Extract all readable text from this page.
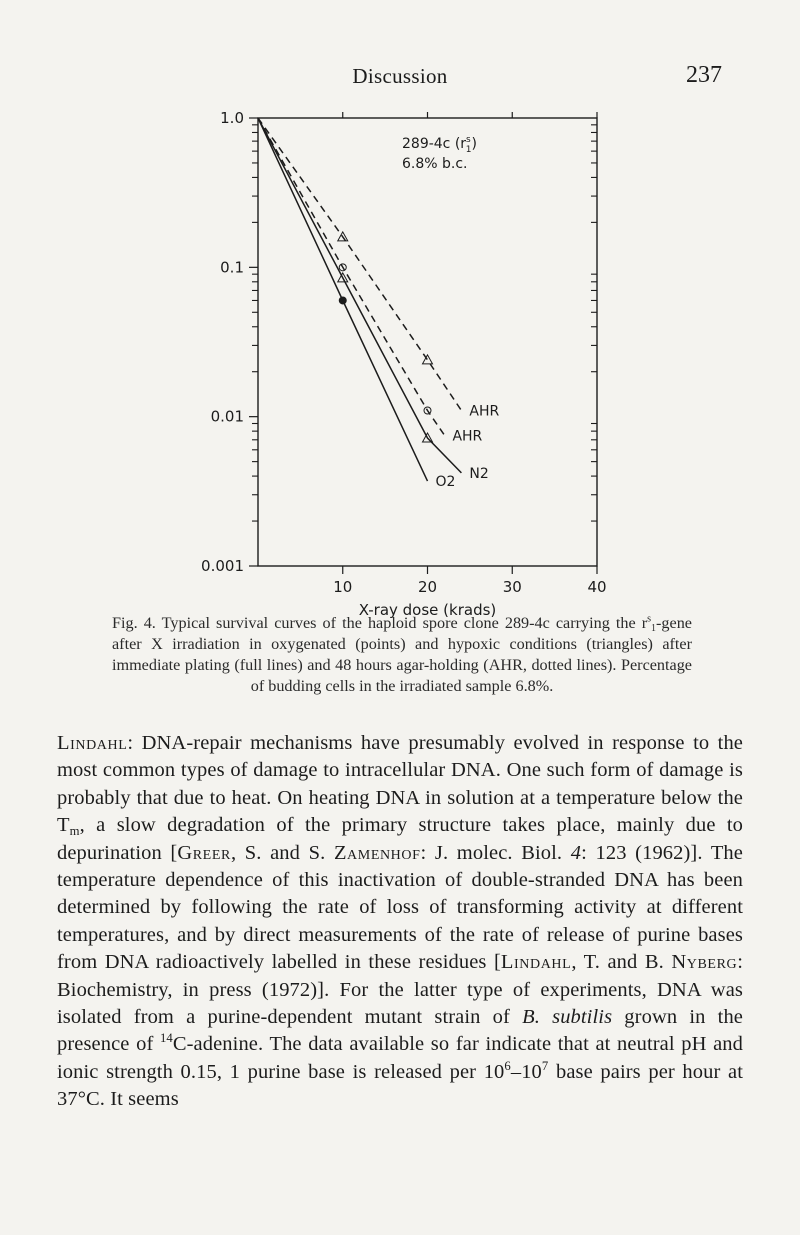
Discussion	237
1.0
0.1
0.01
0.001
10	20	30	40
X-ray dose (krads)
289-4c ($r^s$ 1)
6.8% b.c.
AHR
AHR
N2
O2
Fig. 4. Typical survival curves of the haploid spore clone 289-4c carrying the $r^s_1$-gene after X irradiation in oxygenated (points) and hypoxic conditions (triangles) after immediate plating (full lines) and 48 hours agar-holding (AHR, dotted lines). Percentage of budding cells in the irradiated sample 6.8%.
Lindahl: DNA-repair mechanisms have presumably evolved in response to the most common types of damage to intracellular DNA. One such form of damage is probably that due to heat. On heating DNA in solution at a temperature below the $T_m$, a slow degradation of the primary structure takes place, mainly due to depurination [Greer, S. and S. Zamenhof: J. molec. Biol. 4: 123 (1962)]. The temperature dependence of this inactivation of double-stranded DNA has been determined by following the rate of loss of transforming activity at different temperatures, and by direct measurements of the rate of release of purine bases from DNA radioactively labelled in these residues [Lindahl, T. and B. Nyberg: Biochemistry, in press (1972)]. For the latter type of experiments, DNA was isolated from a purine-dependent mutant strain of B. subtilis grown in the presence of $^{14}$C-adenine. The data available so far indicate that at neutral pH and ionic strength 0.15, 1 purine base is released per $10^6-10^7$ base pairs per hour at 37°C. It seems
